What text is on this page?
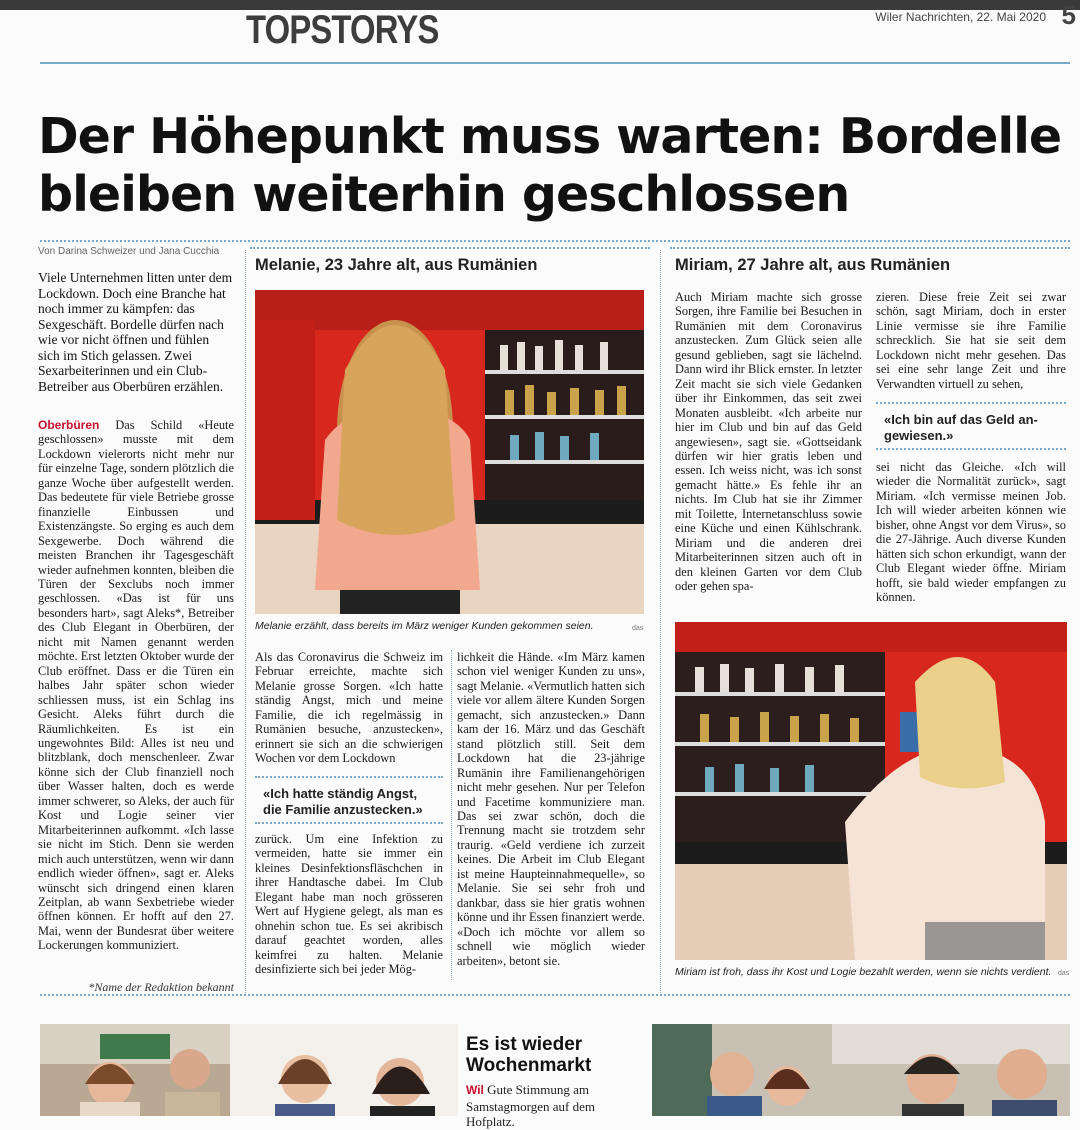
TOPSTORYS	Wiler Nachrichten, 22. Mai 2020 5
Der Höhepunkt muss warten: Bordelle
bleiben weiterhin geschlossen
Von Darina Schweizer und Jana Cucchia
Viele Unternehmen litten unter dem Lockdown. Doch eine Branche hat noch immer zu kämpfen: das Sexgeschäft. Bordelle dürfen nach wie vor nicht öffnen und fühlen sich im Stich gelassen. Zwei Sexarbeiterinnen und ein Club-Betreiber aus Oberbüren erzählen.
Oberbüren Das Schild «Heute geschlossen» musste mit dem Lockdown vielerorts nicht mehr nur für einzelne Tage, sondern plötzlich die ganze Woche über aufgestellt werden. Das bedeutete für viele Betriebe grosse finanzielle Einbussen und Existenzängste. So erging es auch dem Sexgewerbe. Doch während die meisten Branchen ihr Tagesgeschäft wieder aufnehmen konnten, bleiben die Türen der Sexclubs noch immer geschlossen. «Das ist für uns besonders hart», sagt Aleks*, Betreiber des Club Elegant in Oberbüren, der nicht mit Namen genannt werden möchte. Erst letzten Oktober wurde der Club eröffnet. Dass er die Türen ein halbes Jahr später schon wieder schliessen muss, ist ein Schlag ins Gesicht. Aleks führt durch die Räumlichkeiten. Es ist ein ungewohntes Bild: Alles ist neu und blitzblank, doch menschenleer. Zwar könne sich der Club finanziell noch über Wasser halten, doch es werde immer schwerer, so Aleks, der auch für Kost und Logie seiner vier Mitarbeiterinnen aufkommt. «Ich lasse sie nicht im Stich. Denn sie werden mich auch unterstützen, wenn wir dann endlich wieder öffnen», sagt er. Aleks wünscht sich dringend einen klaren Zeitplan, ab wann Sexbetriebe wieder öffnen können. Er hofft auf den 27. Mai, wenn der Bundesrat über weitere Lockerungen kommuniziert.
*Name der Redaktion bekannt
Melanie, 23 Jahre alt, aus Rumänien
Melanie erzählt, dass bereits im März weniger Kunden gekommen seien.	das
Als das Coronavirus die Schweiz im Februar erreichte, machte sich Melanie grosse Sorgen. «Ich hatte ständig Angst, mich und meine Familie, die ich regelmässig in Rumänien besuche, anzustecken», erinnert sie sich an die schwierigen Wochen vor dem Lockdown
«Ich hatte ständig Angst,
die Familie anzustecken.»
zurück. Um eine Infektion zu vermeiden, hatte sie immer ein kleines Desinfektionsfläschchen in ihrer Handtasche dabei. Im Club Elegant habe man noch grösseren Wert auf Hygiene gelegt, als man es ohnehin schon tue. Es sei akribisch darauf geachtet worden, alles keimfrei zu halten. Melanie desinfizierte sich bei jeder Mög-
lichkeit die Hände. «Im März kamen schon viel weniger Kunden zu uns», sagt Melanie. «Vermutlich hatten sich viele vor allem ältere Kunden Sorgen gemacht, sich anzustecken.» Dann kam der 16. März und das Geschäft stand plötzlich still. Seit dem Lockdown hat die 23-jährige Rumänin ihre Familienangehörigen nicht mehr gesehen. Nur per Telefon und Facetime kommuniziere man. Das sei zwar schön, doch die Trennung macht sie trotzdem sehr traurig. «Geld verdiene ich zurzeit keines. Die Arbeit im Club Elegant ist meine Haupteinnahmequelle», so Melanie. Sie sei sehr froh und dankbar, dass sie hier gratis wohnen könne und ihr Essen finanziert werde. «Doch ich möchte vor allem so schnell wie möglich wieder arbeiten», betont sie.
Miriam, 27 Jahre alt, aus Rumänien
Auch Miriam machte sich grosse Sorgen, ihre Familie bei Besuchen in Rumänien mit dem Coronavirus anzustecken. Zum Glück seien alle gesund geblieben, sagt sie lächelnd. Dann wird ihr Blick ernster. In letzter Zeit macht sie sich viele Gedanken über ihr Einkommen, das seit zwei Monaten ausbleibt. «Ich arbeite nur hier im Club und bin auf das Geld angewiesen», sagt sie. «Gottseidank dürfen wir hier gratis leben und essen. Ich weiss nicht, was ich sonst gemacht hätte.» Es fehle ihr an nichts. Im Club hat sie ihr Zimmer mit Toilette, Internetanschluss sowie eine Küche und einen Kühlschrank. Miriam und die anderen drei Mitarbeiterinnen sitzen auch oft in den kleinen Garten vor dem Club oder gehen spa-
zieren. Diese freie Zeit sei zwar schön, sagt Miriam, doch in erster Linie vermisse sie ihre Familie schrecklich. Sie hat sie seit dem Lockdown nicht mehr gesehen. Das sei eine sehr lange Zeit und ihre Verwandten virtuell zu sehen,
«Ich bin auf das Geld an-
gewiesen.»
sei nicht das Gleiche. «Ich will wieder die Normalität zurück», sagt Miriam. «Ich vermisse meinen Job. Ich will wieder arbeiten können wie bisher, ohne Angst vor dem Virus», so die 27-Jährige. Auch diverse Kunden hätten sich schon erkundigt, wann der Club Elegant wieder öffne. Miriam hofft, sie bald wieder empfangen zu können.
Miriam ist froh, dass ihr Kost und Logie bezahlt werden, wenn sie nichts verdient. das
Es ist wieder
Wochenmarkt
Wil Gute Stimmung am Samstagmorgen auf dem Hofplatz.
